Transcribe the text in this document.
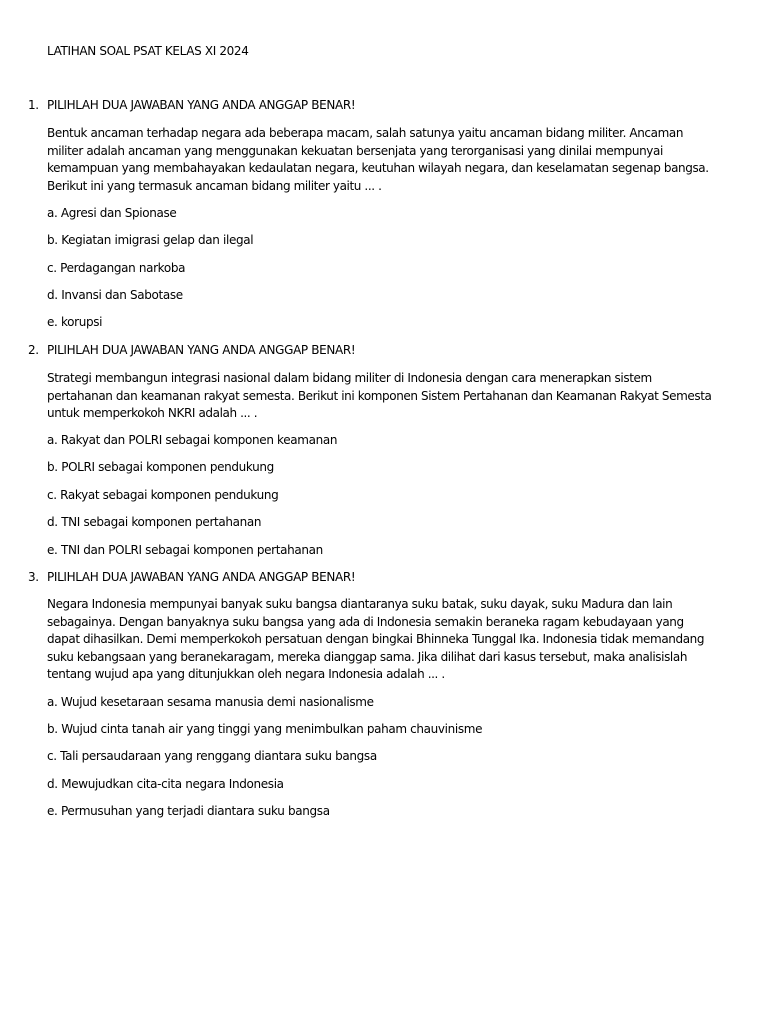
LATIHAN SOAL PSAT KELAS XI 2024
1. PILIHLAH DUA JAWABAN YANG ANDA ANGGAP BENAR!

Bentuk ancaman terhadap negara ada beberapa macam, salah satunya yaitu ancaman bidang militer. Ancaman militer adalah ancaman yang menggunakan kekuatan bersenjata yang terorganisasi yang dinilai mempunyai kemampuan yang membahayakan kedaulatan negara, keutuhan wilayah negara, dan keselamatan segenap bangsa. Berikut ini yang termasuk ancaman bidang militer yaitu ... .

a. Agresi dan Spionase
b. Kegiatan imigrasi gelap dan ilegal
c. Perdagangan narkoba
d. Invansi dan Sabotase
e. korupsi
2. PILIHLAH DUA JAWABAN YANG ANDA ANGGAP BENAR!

Strategi membangun integrasi nasional dalam bidang militer di Indonesia dengan cara menerapkan sistem pertahanan dan keamanan rakyat semesta. Berikut ini komponen Sistem Pertahanan dan Keamanan Rakyat Semesta untuk memperkokoh NKRI adalah ... .

a. Rakyat dan POLRI sebagai komponen keamanan
b. POLRI sebagai komponen pendukung
c. Rakyat sebagai komponen pendukung
d. TNI sebagai komponen pertahanan
e. TNI dan POLRI sebagai komponen pertahanan
3. PILIHLAH DUA JAWABAN YANG ANDA ANGGAP BENAR!

Negara Indonesia mempunyai banyak suku bangsa diantaranya suku batak, suku dayak, suku Madura dan lain sebagainya. Dengan banyaknya suku bangsa yang ada di Indonesia semakin beraneka ragam kebudayaan yang dapat dihasilkan. Demi memperkokoh persatuan dengan bingkai Bhinneka Tunggal Ika. Indonesia tidak memandang suku kebangsaan yang beranekaragam, mereka dianggap sama. Jika dilihat dari kasus tersebut, maka analisislah tentang wujud apa yang ditunjukkan oleh negara Indonesia adalah ... .

a. Wujud kesetaraan sesama manusia demi nasionalisme
b. Wujud cinta tanah air yang tinggi yang menimbulkan paham chauvinisme
c. Tali persaudaraan yang renggang diantara suku bangsa
d. Mewujudkan cita-cita negara Indonesia
e. Permusuhan yang terjadi diantara suku bangsa
